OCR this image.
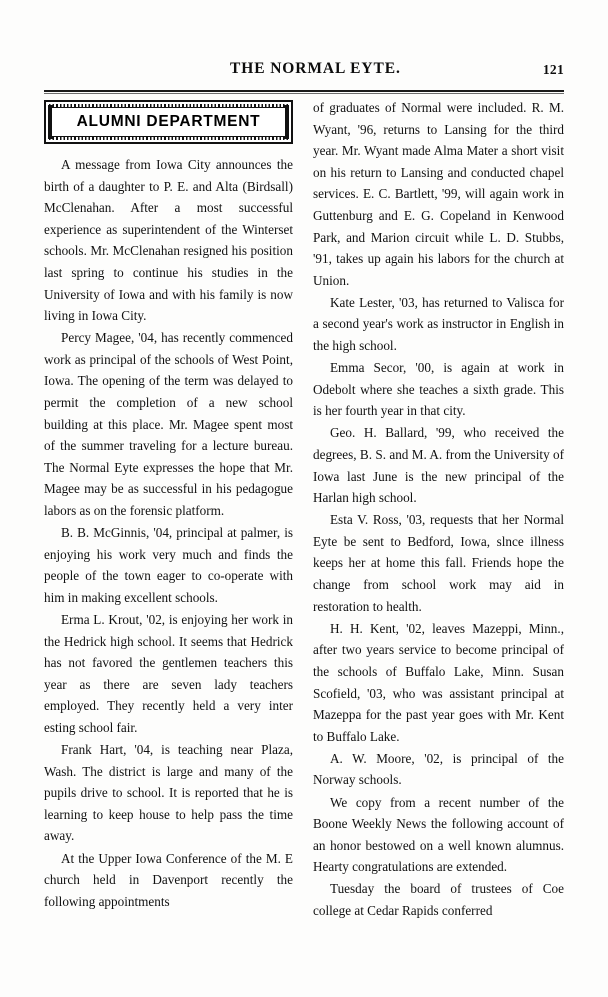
THE NORMAL EYTE.	121

A message from Iowa City announces the birth of a daughter to P. E. and Alta (Birdsall) McClenahan. After a most successful experience as superintendent of the Winterset schools. Mr. McClenahan resigned his position last spring to continue his studies in the University of Iowa and with his family is now living in Iowa City.

Percy Magee, '04, has recently commenced work as principal of the schools of West Point, Iowa. The opening of the term was delayed to permit the completion of a new school building at this place. Mr. Magee spent most of the summer traveling for a lecture bureau. The Normal Eyte expresses the hope that Mr. Magee may be as successful in his pedagogue labors as on the forensic platform.

B. B. McGinnis, '04, principal at palmer, is enjoying his work very much and finds the people of the town eager to co-operate with him in making excellent schools.

Erma L. Krout, '02, is enjoying her work in the Hedrick high school. It seems that Hedrick has not favored the gentlemen teachers this year as there are seven lady teachers employed. They recently held a very inter esting school fair.

Frank Hart, '04, is teaching near Plaza, Wash. The district is large and many of the pupils drive to school. It is reported that he is learning to keep house to help pass the time away.

At the Upper Iowa Conference of the M. E church held in Davenport recently the following appointments

of graduates of Normal were included. R. M. Wyant, '96, returns to Lansing for the third year. Mr. Wyant made Alma Mater a short visit on his return to Lansing and conducted chapel services. E. C. Bartlett, '99, will again work in Guttenburg and E. G. Copeland in Kenwood Park, and Marion circuit while L. D. Stubbs, '91, takes up again his labors for the church at Union.

Kate Lester, '03, has returned to Valisca for a second year's work as instructor in English in the high school.

Emma Secor, '00, is again at work in Odebolt where she teaches a sixth grade. This is her fourth year in that city.

Geo. H. Ballard, '99, who received the degrees, B. S. and M. A. from the University of Iowa last June is the new principal of the Harlan high school.

Esta V. Ross, '03, requests that her Normal Eyte be sent to Bedford, Iowa, slnce illness keeps her at home this fall. Friends hope the change from school work may aid in restoration to health.

H. H. Kent, '02, leaves Mazeppi, Minn., after two years service to become principal of the schools of Buffalo Lake, Minn. Susan Scofield, '03, who was assistant principal at Mazeppa for the past year goes with Mr. Kent to Buffalo Lake.

A. W. Moore, '02, is principal of the Norway schools.

We copy from a recent number of the Boone Weekly News the following account of an honor bestowed on a well known alumnus. Hearty congratulations are extended.

Tuesday the board of trustees of Coe college at Cedar Rapids conferred

ALUMNI DEPARTMENT
